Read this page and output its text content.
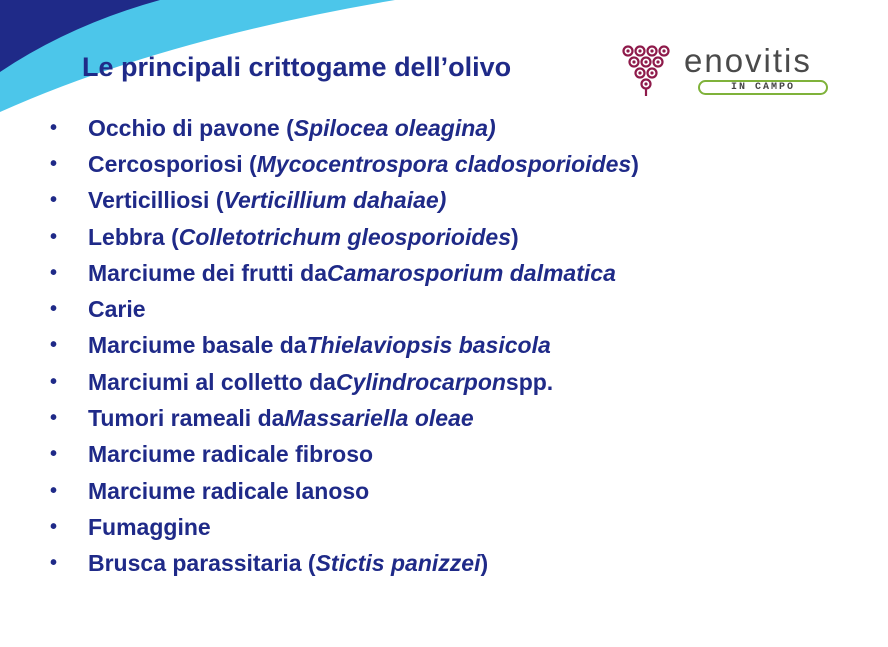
Le principali crittogame dell’olivo	enovitis
IN CAMPO
•	Occhio di pavone ( Spilocea oleagina)
•	Cercosporiosi ( Mycocentrospora cladosporioides )
•	Verticilliosi ( Verticillium dahaiae)
•	Lebbra ( Colletotrichum gleosporioides )
•	Marciume dei frutti da Camarosporium dalmatica
•	Carie
•	Marciume basale da Thielaviopsis basicola
•	Marciumi al colletto da Cylindrocarpon spp.
•	Tumori rameali da Massariella oleae
•	Marciume radicale fibroso
•	Marciume radicale lanoso
•	Fumaggine
•	Brusca parassitaria ( Stictis panizzei )
